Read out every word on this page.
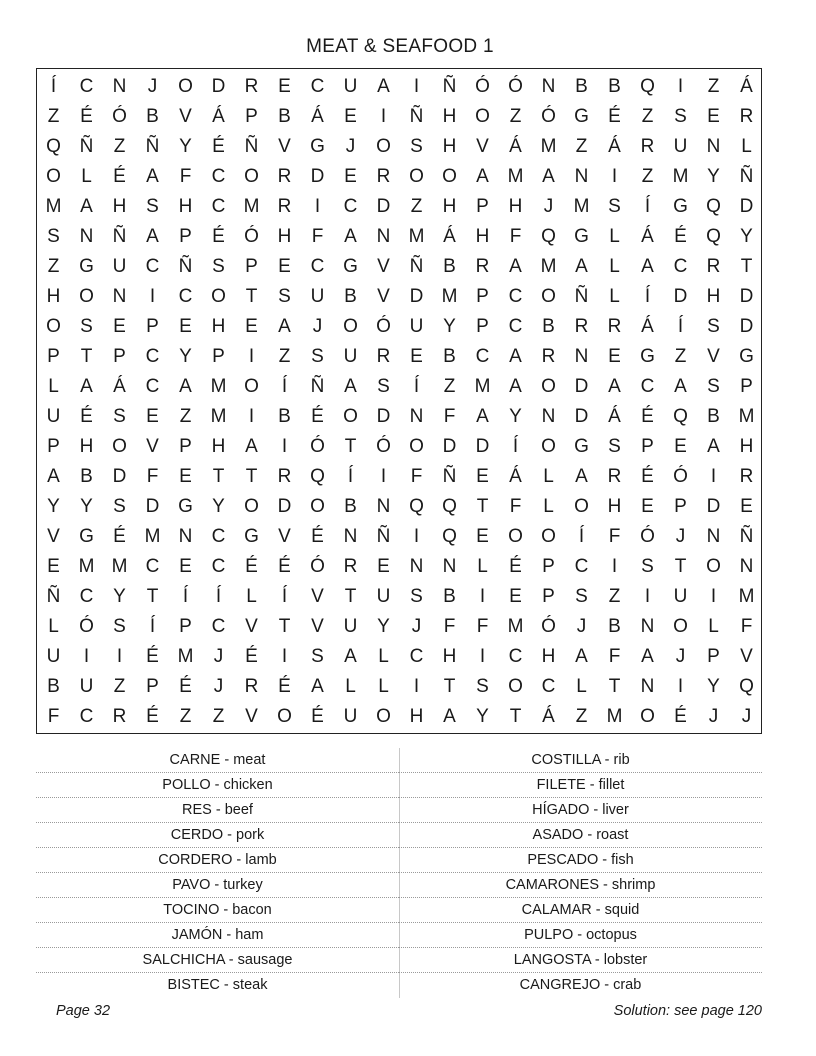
MEAT & SEAFOOD 1
Í	C	N	J	O D	R	E	C	U	A	I	Ñ Ó Ó N	B	B	Q	I	Z	Á
Z	É	Ó	B	V	Á	P	B	Á	E	I	Ñ	H O	Z	Ó G	É	Z	S	E	R
Q Ñ	Z	Ñ	Y	É	Ñ	V	G	J	O	S	H	V	Á M	Z	Á	R	U	N	L
O	L	É	A	F	C O R	D	E	R O O	A M A	N	I	Z	M Y	Ñ
M A	H	S	H	C M R	I	C	D	Z	H	P	H	J	M S	Í	G Q D
S	N	Ñ	A	P	É	Ó H	F	A	N M Á	H	F	Q G	L	Á	É	Q	Y
Z	G U	C	Ñ	S	P	E	C G	V	Ñ	B	R	A M A	L	A	C	R	T
H O N	I	C O	T	S	U	B	V	D M P	C O Ñ	L	Í	D	H	D
O	S	E	P	E	H	E	A	J	O Ó U	Y	P	C	B	R	R	Á	Í	S	D
P	T	P	C	Y	P	I	Z	S	U	R	E	B	C	A	R	N	E	G	Z	V	G
L	A	Á	C	A M O	Í	Ñ	A	S	Í	Z	M A	O D	A	C	A	S	P
U	É	S	E	Z	M	I	B	É	O D	N	F	A	Y	N	D	Á	É	Q	B M
P	H O	V	P	H	A	I	Ó	T	Ó O D	D	Í	O G	S	P	E	A	H
A	B	D	F	E	T	T	R Q	Í	I	F	Ñ	E	Á	L	A	R	É	Ó	I	R
Y	Y	S	D G	Y	O D O	B	N Q Q	T	F	L	O H	E	P	D	E
V	G	É M N	C G	V	É	N	Ñ	I	Q	E	O O	Í	F	Ó	J	N	Ñ
E M M C	E	C	É	É	Ó R	E	N	N	L	É	P	C	I	S	T	O N
Ñ	C	Y	T	Í	Í	L	Í	V	T	U	S	B	I	E	P	S	Z	I	U	I	M
L	Ó	S	Í	P	C	V	T	V	U	Y	J	F	F	M Ó	J	B	N O	L	F
U	I	I	É M	J	É	I	S	A	L	C	H	I	C	H	A	F	A	J	P	V
B	U	Z	P	É	J	R	É	A	L	L	I	T	S	O C	L	T	N	I	Y	Q
F	C	R	É	Z	Z	V	O	É	U O H	A	Y	T	Á	Z	M O	É	J	J
CARNE - meat
POLLO - chicken
RES - beef
CERDO - pork
CORDERO - lamb
PAVO - turkey
TOCINO - bacon
JAMÓN - ham
SALCHICHA - sausage
BISTEC - steak
COSTILLA - rib
FILETE - fillet
HÍGADO - liver
ASADO - roast
PESCADO - fish
CAMARONES - shrimp
CALAMAR - squid
PULPO - octopus
LANGOSTA - lobster
CANGREJO - crab
Page 32	Solution: see page 120
